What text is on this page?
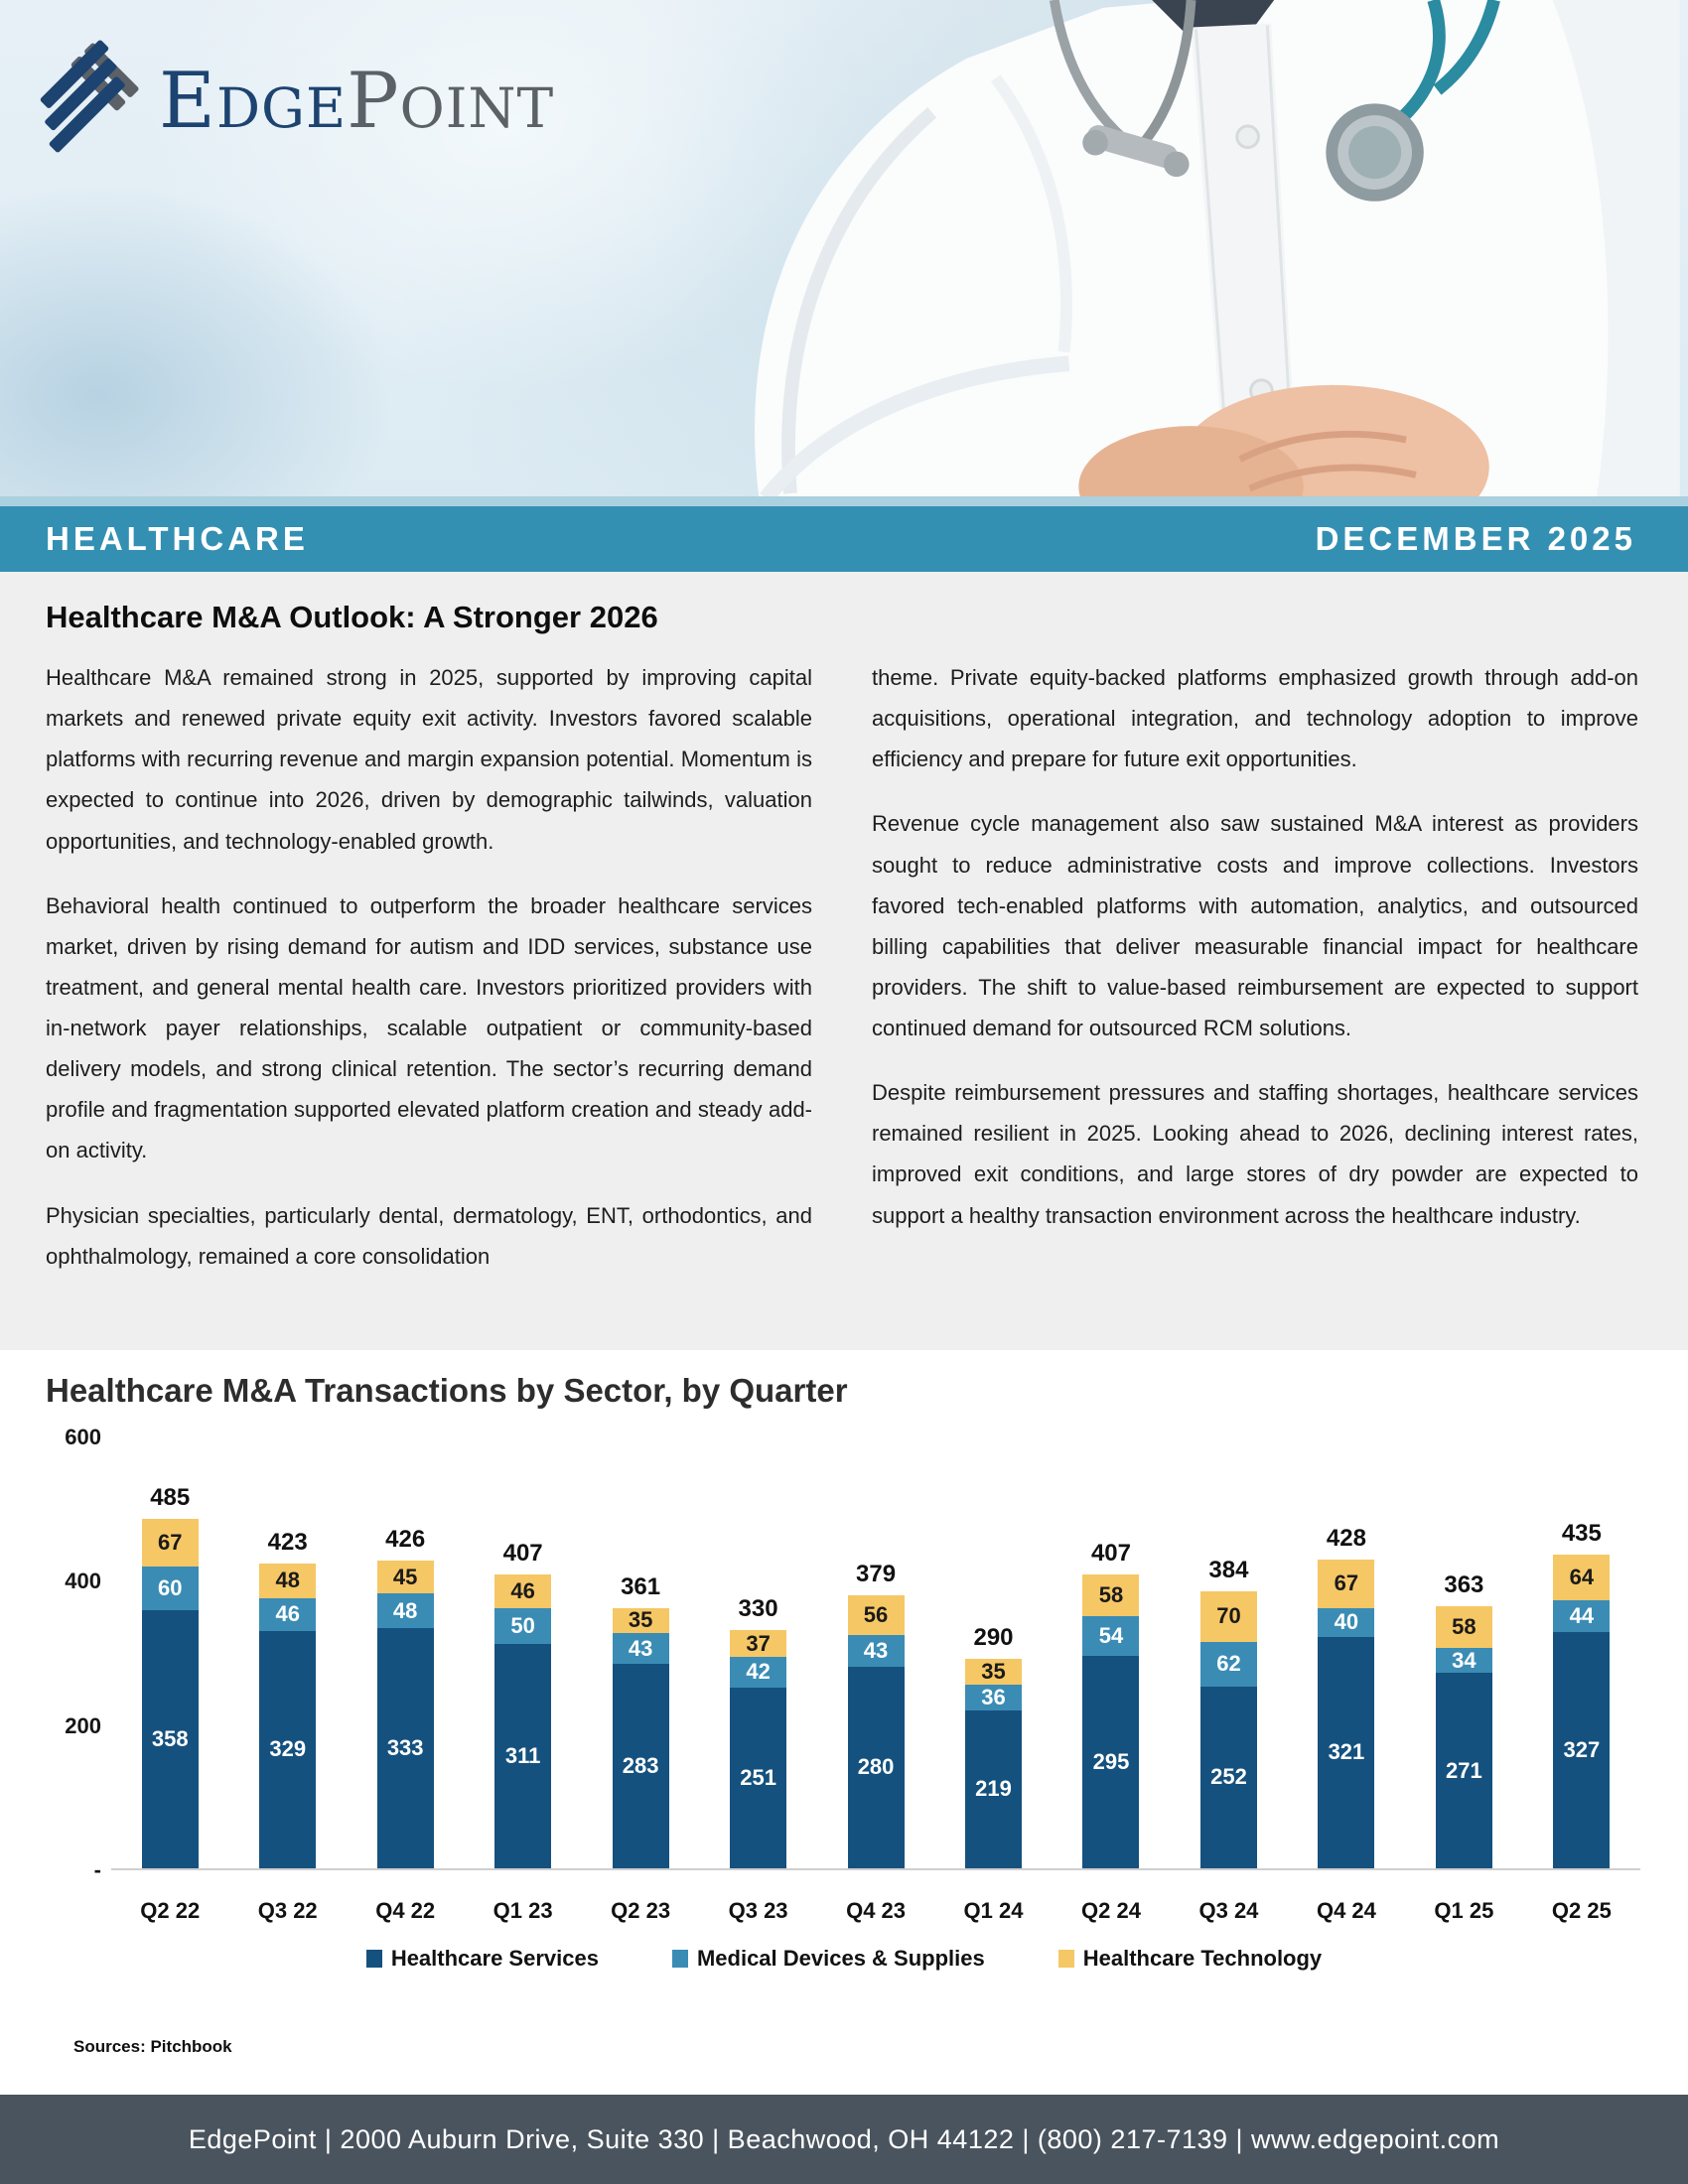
EdgePoint
HEALTHCARE	DECEMBER 2025
Healthcare M&A Outlook: A Stronger 2026

Healthcare M&A remained strong in 2025, supported by improving capital markets and renewed private equity exit activity. Investors favored scalable platforms with recurring revenue and margin expansion potential. Momentum is expected to continue into 2026, driven by demographic tailwinds, valuation opportunities, and technology-enabled growth.

Behavioral health continued to outperform the broader healthcare services market, driven by rising demand for autism and IDD services, substance use treatment, and general mental health care. Investors prioritized providers with in-network payer relationships, scalable outpatient or community-based delivery models, and strong clinical retention. The sector’s recurring demand profile and fragmentation supported elevated platform creation and steady add-on activity.

Physician specialties, particularly dental, dermatology, ENT, orthodontics, and ophthalmology, remained a core consolidation

theme. Private equity-backed platforms emphasized growth through add-on acquisitions, operational integration, and technology adoption to improve efficiency and prepare for future exit opportunities.

Revenue cycle management also saw sustained M&A interest as providers sought to reduce administrative costs and improve collections. Investors favored tech-enabled platforms with automation, analytics, and outsourced billing capabilities that deliver measurable financial impact for healthcare providers. The shift to value-based reimbursement are expected to support continued demand for outsourced RCM solutions.

Despite reimbursement pressures and staffing shortages, healthcare services remained resilient in 2025. Looking ahead to 2026, declining interest rates, improved exit conditions, and large stores of dry powder are expected to support a healthy transaction environment across the healthcare industry.

Healthcare M&A Transactions by Sector, by Quarter
600
400
200
-
485
358
60
67	423
329
46
48
426
333
48
45
407
311
50
46	361
283
43
35	330
251
42
37
379
280
43
56
290
219
36
35
407
295
54
58
384
252
62
70
428
321
40
67	363
271
34
58
435
327
44
64
Q2 22	Q3 22	Q4 22	Q1 23	Q2 23	Q3 23	Q4 23	Q1 24	Q2 24	Q3 24	Q4 24	Q1 25	Q2 25
Healthcare Services	Medical Devices & Supplies	Healthcare Technology
Sources: Pitchbook
EdgePoint | 2000 Auburn Drive, Suite 330 | Beachwood, OH 44122 | (800) 217-7139 | www.edgepoint.com
